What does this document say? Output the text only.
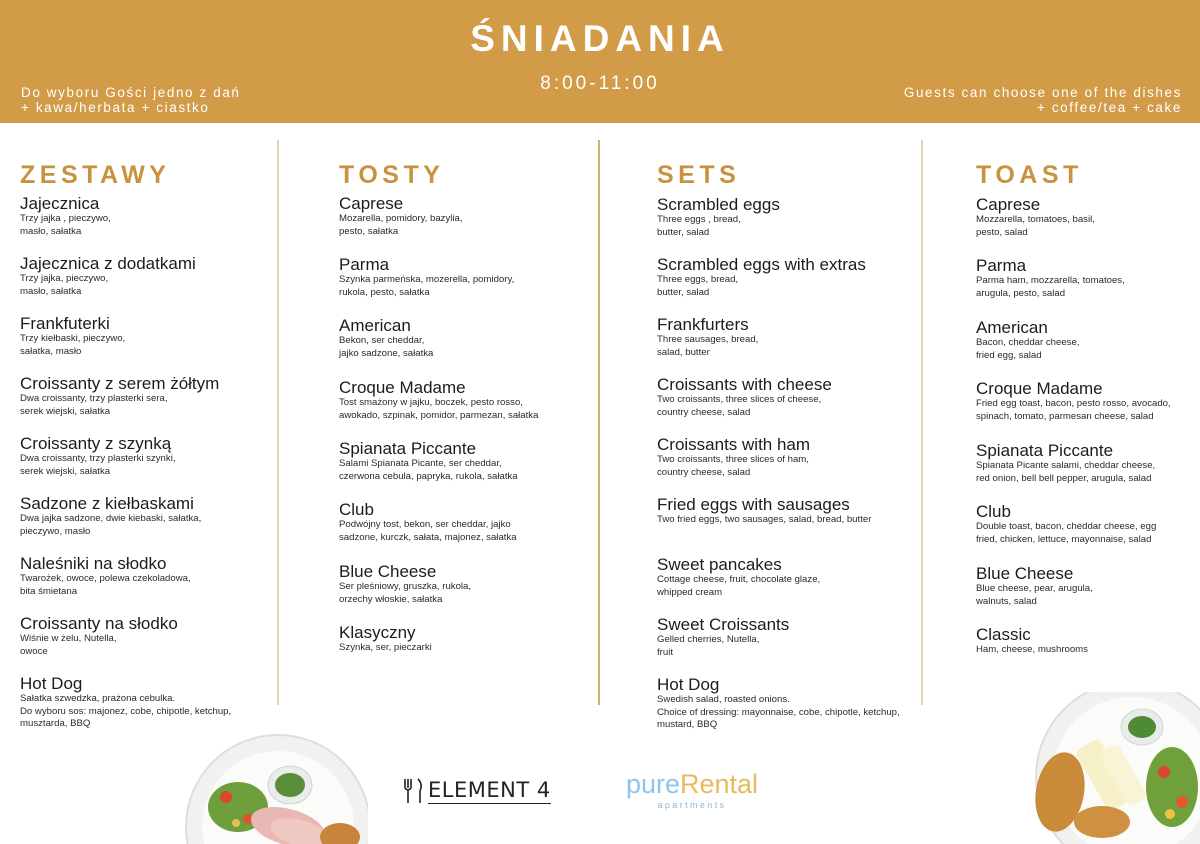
ŚNIADANIA
8:00-11:00
Do wyboru Gości jedno z dań
+ kawa/herbata + ciastko
Guests can choose one of the dishes
+ coffee/tea + cake
ZESTAWY
Jajecznica
Trzy jajka , pieczywo,
masło, sałatka
Jajecznica z dodatkami
Trzy jajka, pieczywo,
masło, sałatka
Frankfuterki
Trzy kiełbaski, pieczywo,
sałatka, masło
Croissanty z serem żółtym
Dwa croissanty, trzy plasterki sera,
serek wiejski, sałatka
Croissanty z szynką
Dwa croissanty, trzy plasterki szynki,
serek wiejski, sałatka
Sadzone z kiełbaskami
Dwa jajka sadzone, dwie kiebaski, sałatka,
pieczywo, masło
Naleśniki na słodko
Twarożek, owoce, polewa czekoladowa,
bita śmietana
Croissanty na słodko
Wiśnie w żelu, Nutella,
owoce
Hot Dog
Sałatka szwedzka, prażona cebulka.
Do wyboru sos: majonez, cobe, chipotle, ketchup,
musztarda, BBQ
TOSTY
Caprese
Mozarella, pomidory, bazylia,
pesto, sałatka
Parma
Szynka parmeńska, mozerella, pomidory,
rukola, pesto, sałatka
American
Bekon, ser cheddar,
jajko sadzone, sałatka
Croque Madame
Tost smażony w jajku, boczek, pesto rosso,
awokado, szpinak, pomidor, parmezan, sałatka
Spianata Piccante
Salami Spianata Picante, ser cheddar,
czerwona cebula, papryka, rukola, sałatka
Club
Podwójny tost, bekon, ser cheddar, jajko
sadzone, kurczk, sałata, majonez, sałatka
Blue Cheese
Ser pleśniowy, gruszka, rukola,
orzechy włoskie, sałatka
Klasyczny
Szynka, ser, pieczarki
SETS
Scrambled eggs
Three eggs , bread,
butter, salad
Scrambled eggs with extras
Three eggs, bread,
butter, salad
Frankfurters
Three sausages, bread,
salad, butter
Croissants with cheese
Two croissants, three slices of cheese,
country cheese, salad
Croissants with ham
Two croissants, three slices of ham,
country cheese, salad
Fried eggs with sausages
Two fried eggs, two sausages, salad, bread, butter
Sweet pancakes
Cottage cheese, fruit, chocolate glaze,
whipped cream
Sweet Croissants
Gelled cherries, Nutella,
fruit
Hot Dog
Swedish salad, roasted onions.
Choice of dressing: mayonnaise, cobe, chipotle, ketchup,
mustard, BBQ
TOAST
Caprese
Mozzarella, tomatoes, basil,
pesto, salad
Parma
Parma ham, mozzarella, tomatoes,
arugula, pesto, salad
American
Bacon, cheddar cheese,
fried egg, salad
Croque Madame
Fried egg toast, bacon, pesto rosso, avocado,
spinach, tomato, parmesan cheese, salad
Spianata Piccante
Spianata Picante salami, cheddar cheese,
red onion, bell bell pepper, arugula, salad
Club
Double toast, bacon, cheddar cheese, egg
fried, chicken, lettuce, mayonnaise, salad
Blue Cheese
Blue cheese, pear, arugula,
walnuts, salad
Classic
Ham, cheese, mushrooms
ELEMENT 4	pureRental
apartments
